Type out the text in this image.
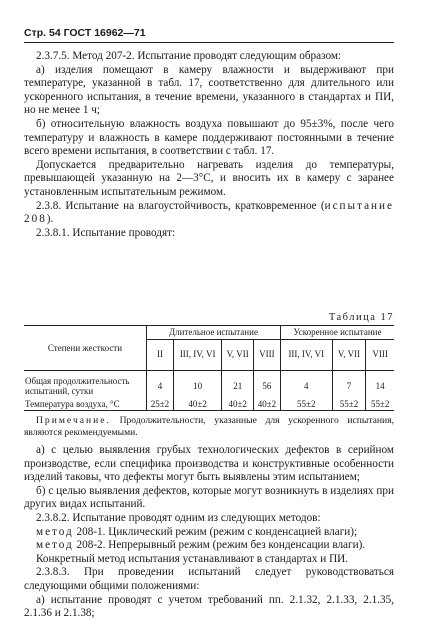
Стр. 54 ГОСТ 16962—71

2.3.7.5. Метод 207-2. Испытание проводят следующим образом:

а) изделия помещают в камеру влажности и выдерживают при температуре, указанной в табл. 17, соответственно для длительного или ускоренного испытания, в течение времени, указанного в стандартах и ПИ, но не менее 1 ч;

б) относительную влажность воздуха повышают до 95±3%, после чего температуру и влажность в камере поддерживают постоянными в течение всего времени испытания, в соответствии с табл. 17.

Допускается предварительно нагревать изделия до температуры, превышающей указанную на 2—3°С, и вносить их в камеру с заранее установленным испытательным режимом.

2.3.8. Испытание на влагоустойчивость, кратковременное (испытание 208).

2.3.8.1. Испытание проводят:

Таблица 17
Степени жесткости	Длительное испытание				Ускоренное испытание		
	II	III, IV, VI	V, VII	VIII	III, IV, VI	V, VII	VIII
Общая продолжительность испытаний, сутки	4	10	21	56	4	7	14
Температура воздуха, °С	25±2	40±2	40±2	40±2	55±2	55±2	55±2
Примечание. Продолжительности, указанные для ускоренного испытания, являются рекомендуемыми.

а) с целью выявления грубых технологических дефектов в серийном производстве, если специфика производства и конструктивные особенности изделий таковы, что дефекты могут быть выявлены этим испытанием;

б) с целью выявления дефектов, которые могут возникнуть в изделиях при других видах испытаний.

2.3.8.2. Испытание проводят одним из следующих методов:

метод 208-1. Циклический режим (режим с конденсацией влаги);

метод 208-2. Непрерывный режим (режим без конденсации влаги).

Конкретный метод испытания устанавливают в стандартах и ПИ.

2.3.8.3. При проведении испытаний следует руководствоваться следующими общими положениями:

а) испытание проводят с учетом требований пп. 2.1.32, 2.1.33, 2.1.35, 2.1.36 и 2.1.38;
